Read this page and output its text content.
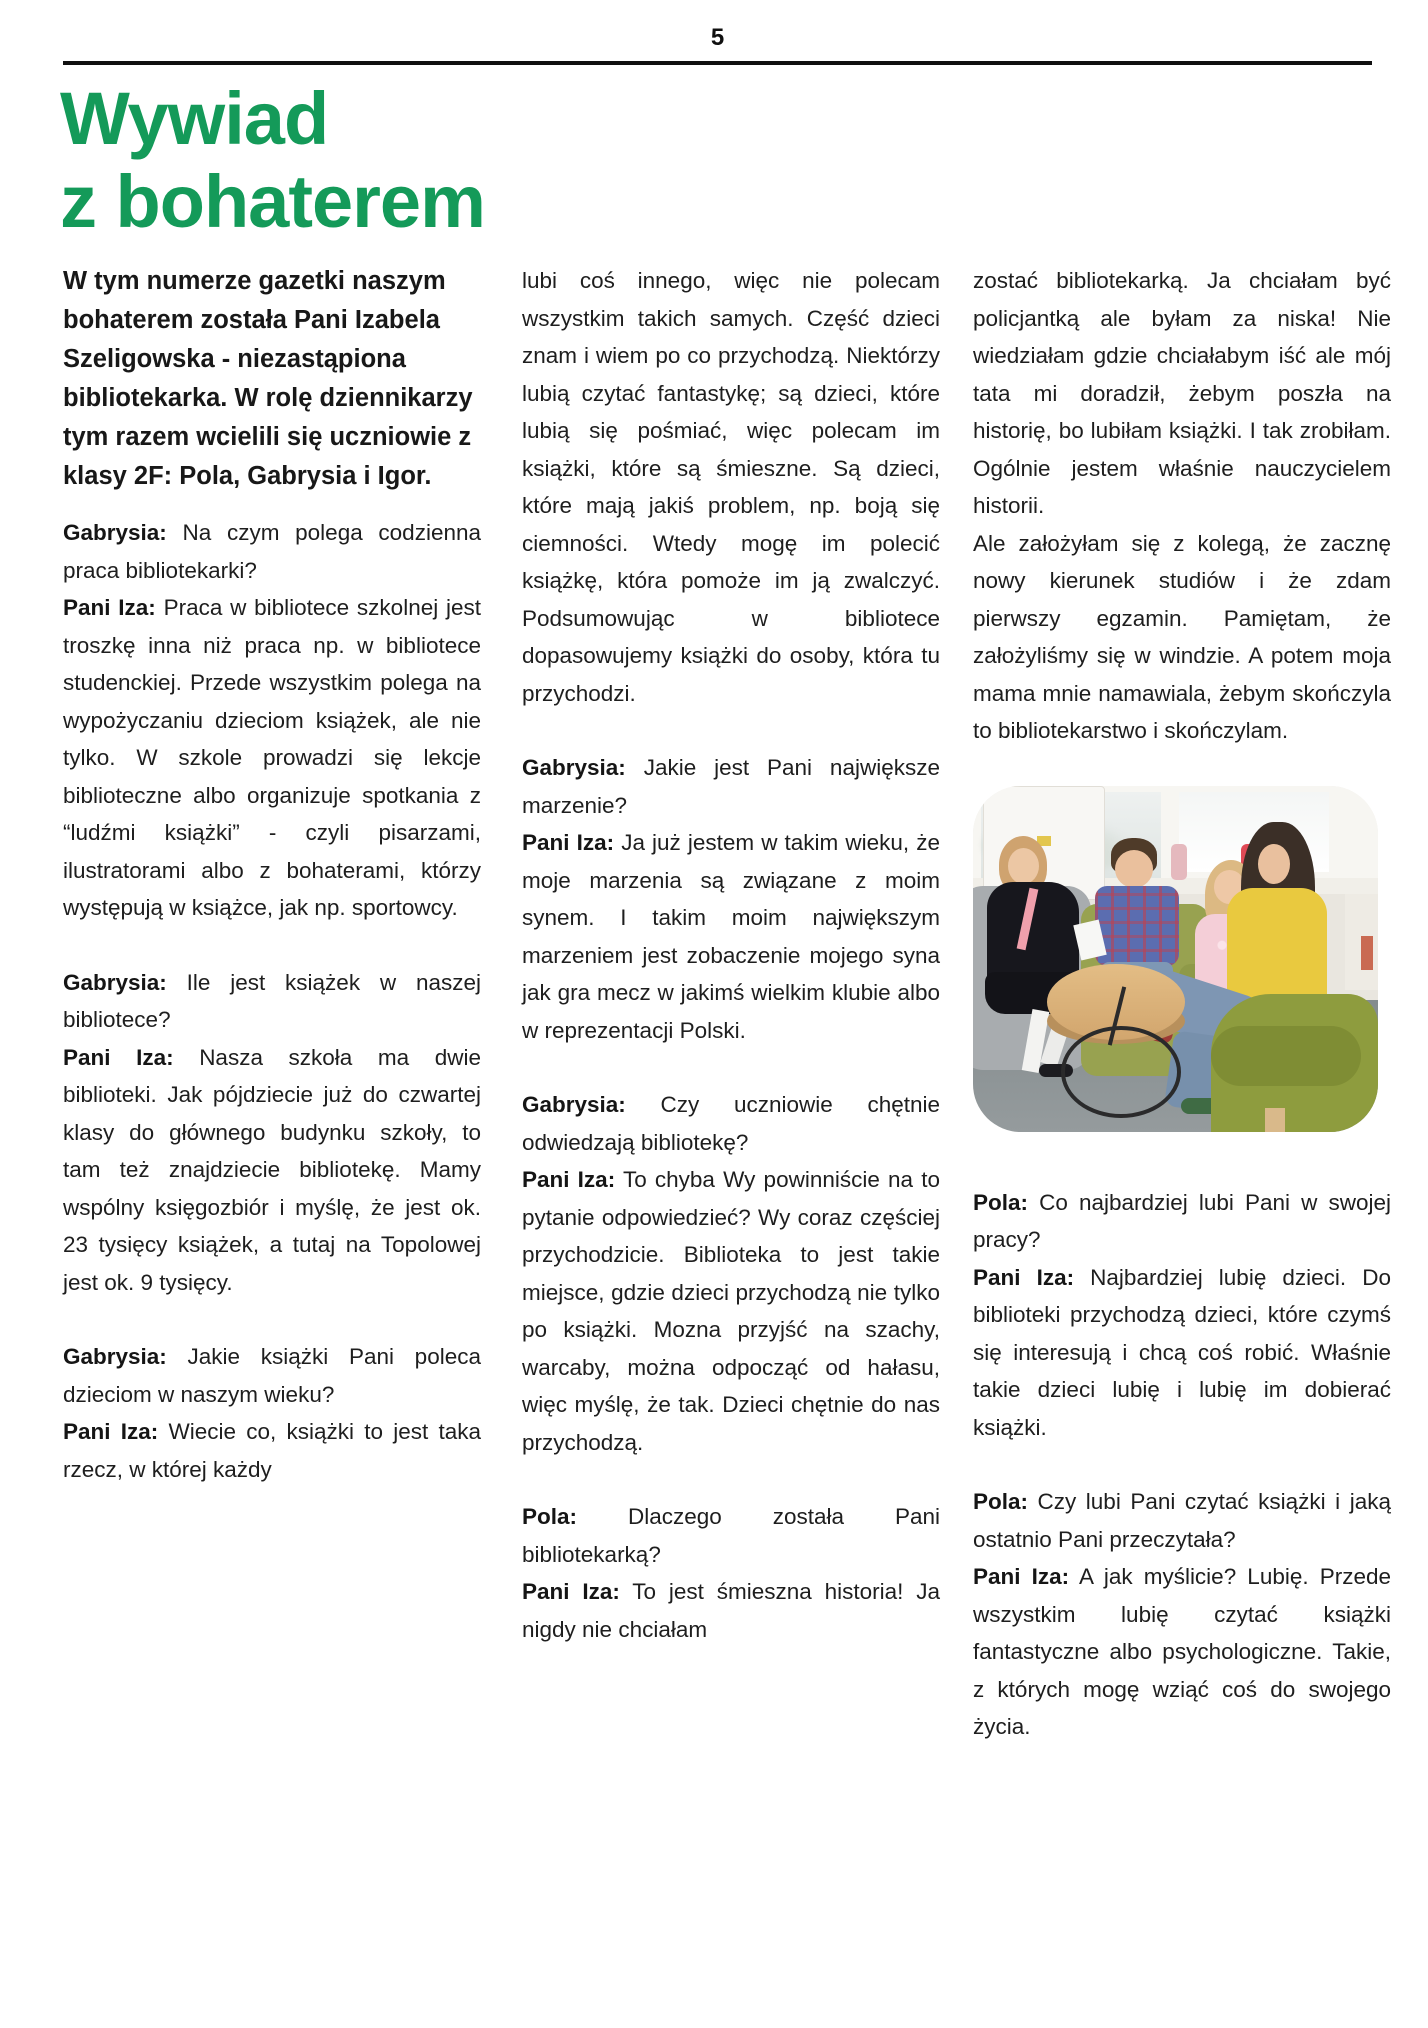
5
Wywiad
z bohaterem

W tym numerze gazetki naszym bohaterem została Pani Izabela Szeligowska - niezastąpiona bibliotekarka. W rolę dziennikarzy tym razem wcielili się uczniowie z klasy 2F: Pola, Gabrysia i Igor.

Gabrysia: Na czym polega codzienna praca bibliotekarki?

Pani Iza: Praca w bibliotece szkolnej jest troszkę inna niż praca np. w bibliotece studenckiej. Przede wszystkim polega na wypożyczaniu dzieciom książek, ale nie tylko. W szkole prowadzi się lekcje biblioteczne albo organizuje spotkania z “ludźmi książki” - czyli pisarzami, ilustratorami albo z bohaterami, którzy występują w książce, jak np. sportowcy.

Gabrysia: Ile jest książek w naszej bibliotece?

Pani Iza: Nasza szkoła ma dwie biblioteki. Jak pójdziecie już do czwartej klasy do głównego budynku szkoły, to tam też znajdziecie bibliotekę. Mamy wspólny księgozbiór i myślę, że jest ok. 23 tysięcy książek, a tutaj na Topolowej jest ok. 9 tysięcy.

Gabrysia: Jakie książki Pani poleca dzieciom w naszym wieku?

Pani Iza: Wiecie co, książki to jest taka rzecz, w której każdy

lubi coś innego, więc nie polecam wszystkim takich samych. Część dzieci znam i wiem po co przychodzą. Niektórzy lubią czytać fantastykę; są dzieci, które lubią się pośmiać, więc polecam im książki, które są śmieszne. Są dzieci, które mają jakiś problem, np. boją się ciemności. Wtedy mogę im polecić książkę, która pomoże im ją zwalczyć. Podsumowując w bibliotece dopasowujemy książki do osoby, która tu przychodzi.

Gabrysia: Jakie jest Pani największe marzenie?

Pani Iza: Ja już jestem w takim wieku, że moje marzenia są związane z moim synem. I takim moim największym marzeniem jest zobaczenie mojego syna jak gra mecz w jakimś wielkim klubie albo w reprezentacji Polski.

Gabrysia: Czy uczniowie chętnie odwiedzają bibliotekę?

Pani Iza: To chyba Wy powinniście na to pytanie odpowiedzieć? Wy coraz częściej przychodzicie. Biblioteka to jest takie miejsce, gdzie dzieci przychodzą nie tylko po książki. Mozna przyjść na szachy, warcaby, można odpocząć od hałasu, więc myślę, że tak. Dzieci chętnie do nas przychodzą.

Pola: Dlaczego została Pani bibliotekarką?

Pani Iza: To jest śmieszna historia! Ja nigdy nie chciałam

zostać bibliotekarką. Ja chciałam być policjantką ale byłam za niska! Nie wiedziałam gdzie chciałabym iść ale mój tata mi doradził, żebym poszła na historię, bo lubiłam książki. I tak zrobiłam. Ogólnie jestem właśnie nauczycielem historii.

Ale założyłam się z kolegą, że zacznę nowy kierunek studiów i że zdam pierwszy egzamin. Pamiętam, że założyliśmy się w windzie. A potem moja mama mnie namawiala, żebym skończyla to bibliotekarstwo i skończylam.

Pola: Co najbardziej lubi Pani w swojej pracy?

Pani Iza: Najbardziej lubię dzieci. Do biblioteki przychodzą dzieci, które czymś się interesują i chcą coś robić. Właśnie takie dzieci lubię i lubię im dobierać książki.

Pola: Czy lubi Pani czytać książki i jaką ostatnio Pani przeczytała?

Pani Iza: A jak myślicie? Lubię. Przede wszystkim lubię czytać książki fantastyczne albo psychologiczne. Takie, z których mogę wziąć coś do swojego życia.
